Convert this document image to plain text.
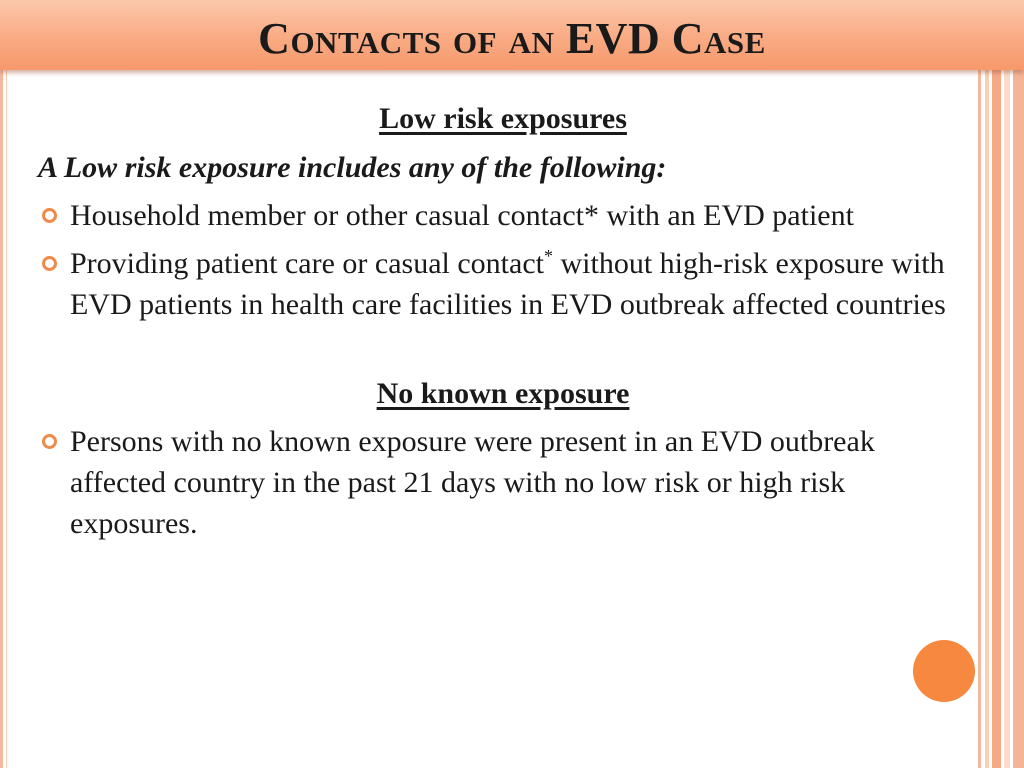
Contacts of an EVD Case
Low risk exposures
A Low risk exposure includes any of the following:
Household member or other casual contact* with an EVD patient
Providing patient care or casual contact* without high-risk exposure with EVD patients in health care facilities in EVD outbreak affected countries
No known exposure
Persons with no known exposure were present in an EVD outbreak affected country in the past 21 days with no low risk or high risk exposures.
